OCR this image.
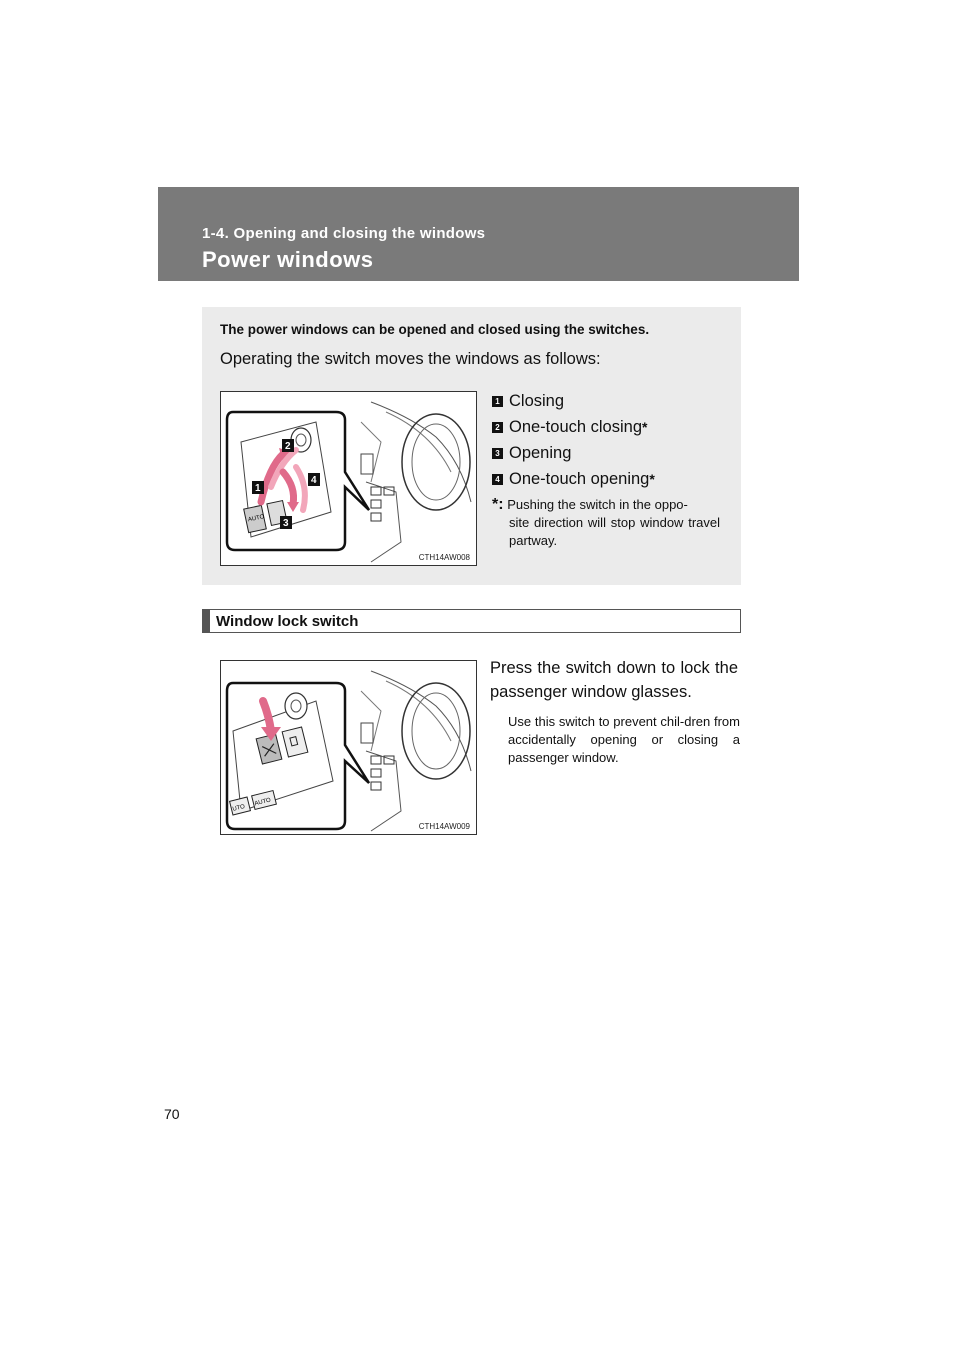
1-4. Opening and closing the windows
Power windows
The power windows can be opened and closed using the switches.
Operating the switch moves the windows as follows:
AUTO
2
1
4
3
CTH14AW008
1 Closing
2 One-touch closing *
3 Opening
4 One-touch opening *
*: Pushing the switch in the oppo-
site direction will stop window travel partway.
Window lock switch
UTO
AUTO
CTH14AW009
Press the switch down to lock the passenger window glasses.
Use this switch to prevent chil-dren from accidentally opening or closing a passenger window.
70
